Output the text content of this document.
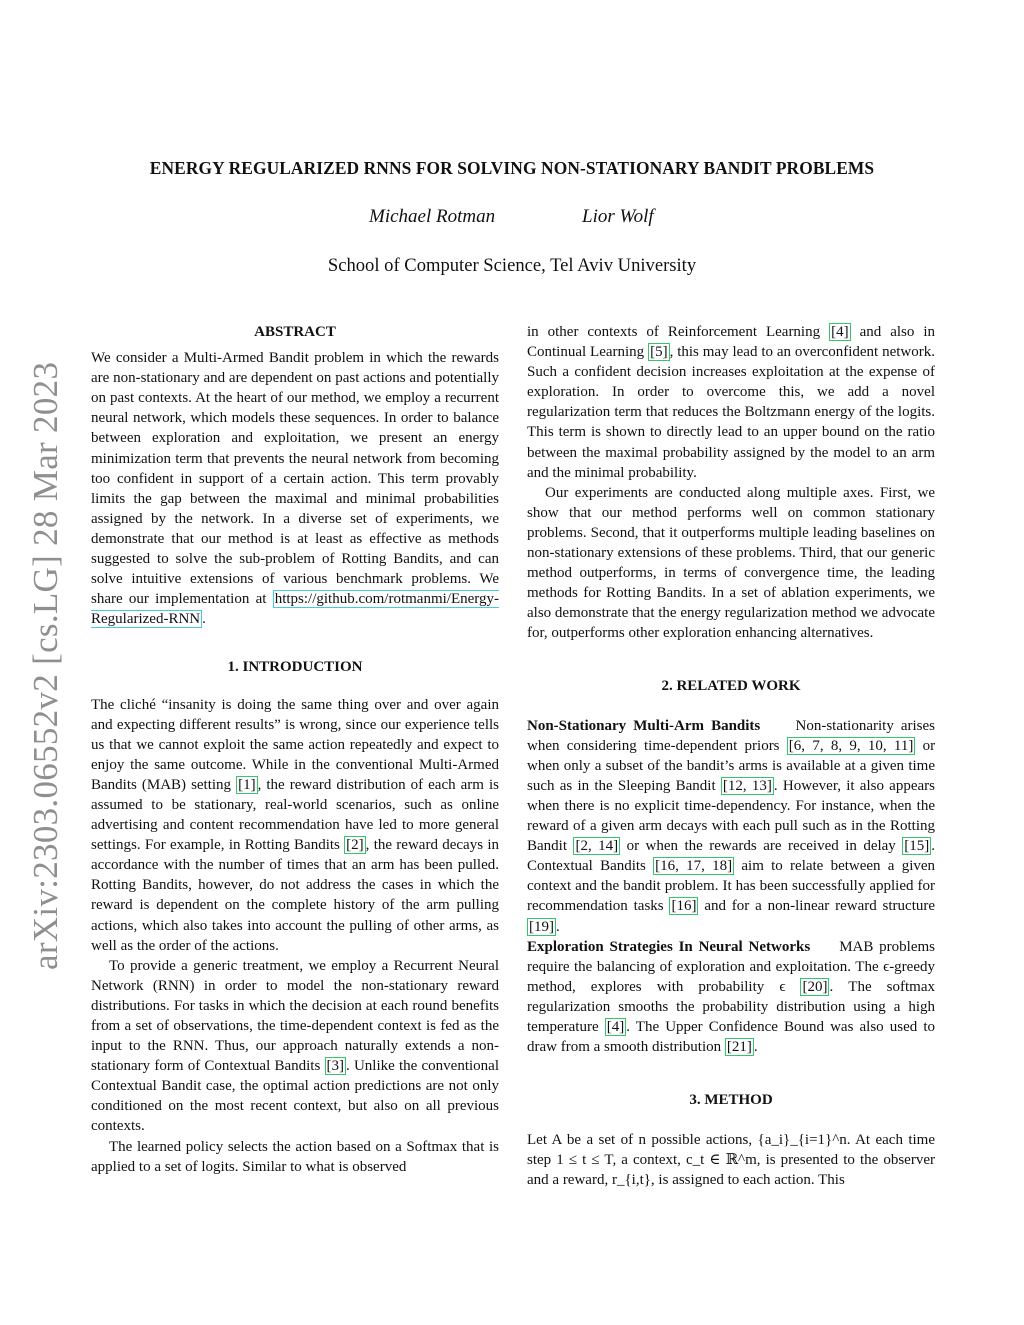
arXiv:2303.06552v2 [cs.LG] 28 Mar 2023
ENERGY REGULARIZED RNNS FOR SOLVING NON-STATIONARY BANDIT PROBLEMS
Michael Rotman	Lior Wolf
School of Computer Science, Tel Aviv University
ABSTRACT

We consider a Multi-Armed Bandit problem in which the rewards are non-stationary and are dependent on past actions and potentially on past contexts. At the heart of our method, we employ a recurrent neural network, which models these sequences. In order to balance between exploration and exploitation, we present an energy minimization term that prevents the neural network from becoming too confident in support of a certain action. This term provably limits the gap between the maximal and minimal probabilities assigned by the network. In a diverse set of experiments, we demonstrate that our method is at least as effective as methods suggested to solve the sub-problem of Rotting Bandits, and can solve intuitive extensions of various benchmark problems. We share our implementation at https://github.com/rotmanmi/Energy-Regularized-RNN .

1. INTRODUCTION

The cliché “insanity is doing the same thing over and over again and expecting different results” is wrong, since our experience tells us that we cannot exploit the same action repeatedly and expect to enjoy the same outcome. While in the conventional Multi-Armed Bandits (MAB) setting [1] , the reward distribution of each arm is assumed to be stationary, real-world scenarios, such as online advertising and content recommendation have led to more general settings. For example, in Rotting Bandits [2] , the reward decays in accordance with the number of times that an arm has been pulled. Rotting Bandits, however, do not address the cases in which the reward is dependent on the complete history of the arm pulling actions, which also takes into account the pulling of other arms, as well as the order of the actions.

To provide a generic treatment, we employ a Recurrent Neural Network (RNN) in order to model the non-stationary reward distributions. For tasks in which the decision at each round benefits from a set of observations, the time-dependent context is fed as the input to the RNN. Thus, our approach naturally extends a non-stationary form of Contextual Bandits [3] . Unlike the conventional Contextual Bandit case, the optimal action predictions are not only conditioned on the most recent context, but also on all previous contexts.

The learned policy selects the action based on a Softmax that is applied to a set of logits. Similar to what is observed

in other contexts of Reinforcement Learning [4] and also in Continual Learning [5] , this may lead to an overconfident network. Such a confident decision increases exploitation at the expense of exploration. In order to overcome this, we add a novel regularization term that reduces the Boltzmann energy of the logits. This term is shown to directly lead to an upper bound on the ratio between the maximal probability assigned by the model to an arm and the minimal probability.

Our experiments are conducted along multiple axes. First, we show that our method performs well on common stationary problems. Second, that it outperforms multiple leading baselines on non-stationary extensions of these problems. Third, that our generic method outperforms, in terms of convergence time, the leading methods for Rotting Bandits. In a set of ablation experiments, we also demonstrate that the energy regularization method we advocate for, outperforms other exploration enhancing alternatives.

2. RELATED WORK

Non-Stationary Multi-Arm Bandits Non-stationarity arises when considering time-dependent priors [6, 7, 8, 9, 10, 11] or when only a subset of the bandit’s arms is available at a given time such as in the Sleeping Bandit [12, 13] . However, it also appears when there is no explicit time-dependency. For instance, when the reward of a given arm decays with each pull such as in the Rotting Bandit [2, 14] or when the rewards are received in delay [15] . Contextual Bandits [16, 17, 18] aim to relate between a given context and the bandit problem. It has been successfully applied for recommendation tasks [16] and for a non-linear reward structure [19] .

Exploration Strategies In Neural Networks MAB problems require the balancing of exploration and exploitation. The ϵ-greedy method, explores with probability ϵ [20] . The softmax regularization smooths the probability distribution using a high temperature [4] . The Upper Confidence Bound was also used to draw from a smooth distribution [21] .

3. METHOD

Let A be a set of n possible actions, {a_i}_{i=1}^n. At each time step 1 ≤ t ≤ T, a context, c_t ∈ ℝ^m, is presented to the observer and a reward, r_{i,t}, is assigned to each action. This
